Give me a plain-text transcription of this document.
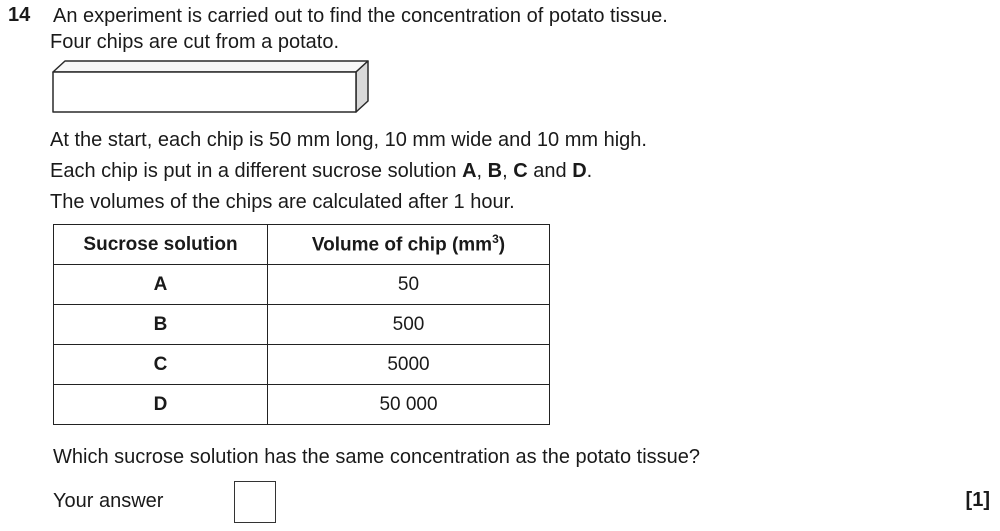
14 An experiment is carried out to find the concentration of potato tissue.
Four chips are cut from a potato.
At the start, each chip is 50 mm long, 10 mm wide and 10 mm high.
Each chip is put in a different sucrose solution A, B, C and D.
The volumes of the chips are calculated after 1 hour.
Sucrose solution	Volume of chip $(mm^3)$
A	50
B	500
C	5000
D	50 000
Which sucrose solution has the same concentration as the potato tissue?
Your answer	[1]
